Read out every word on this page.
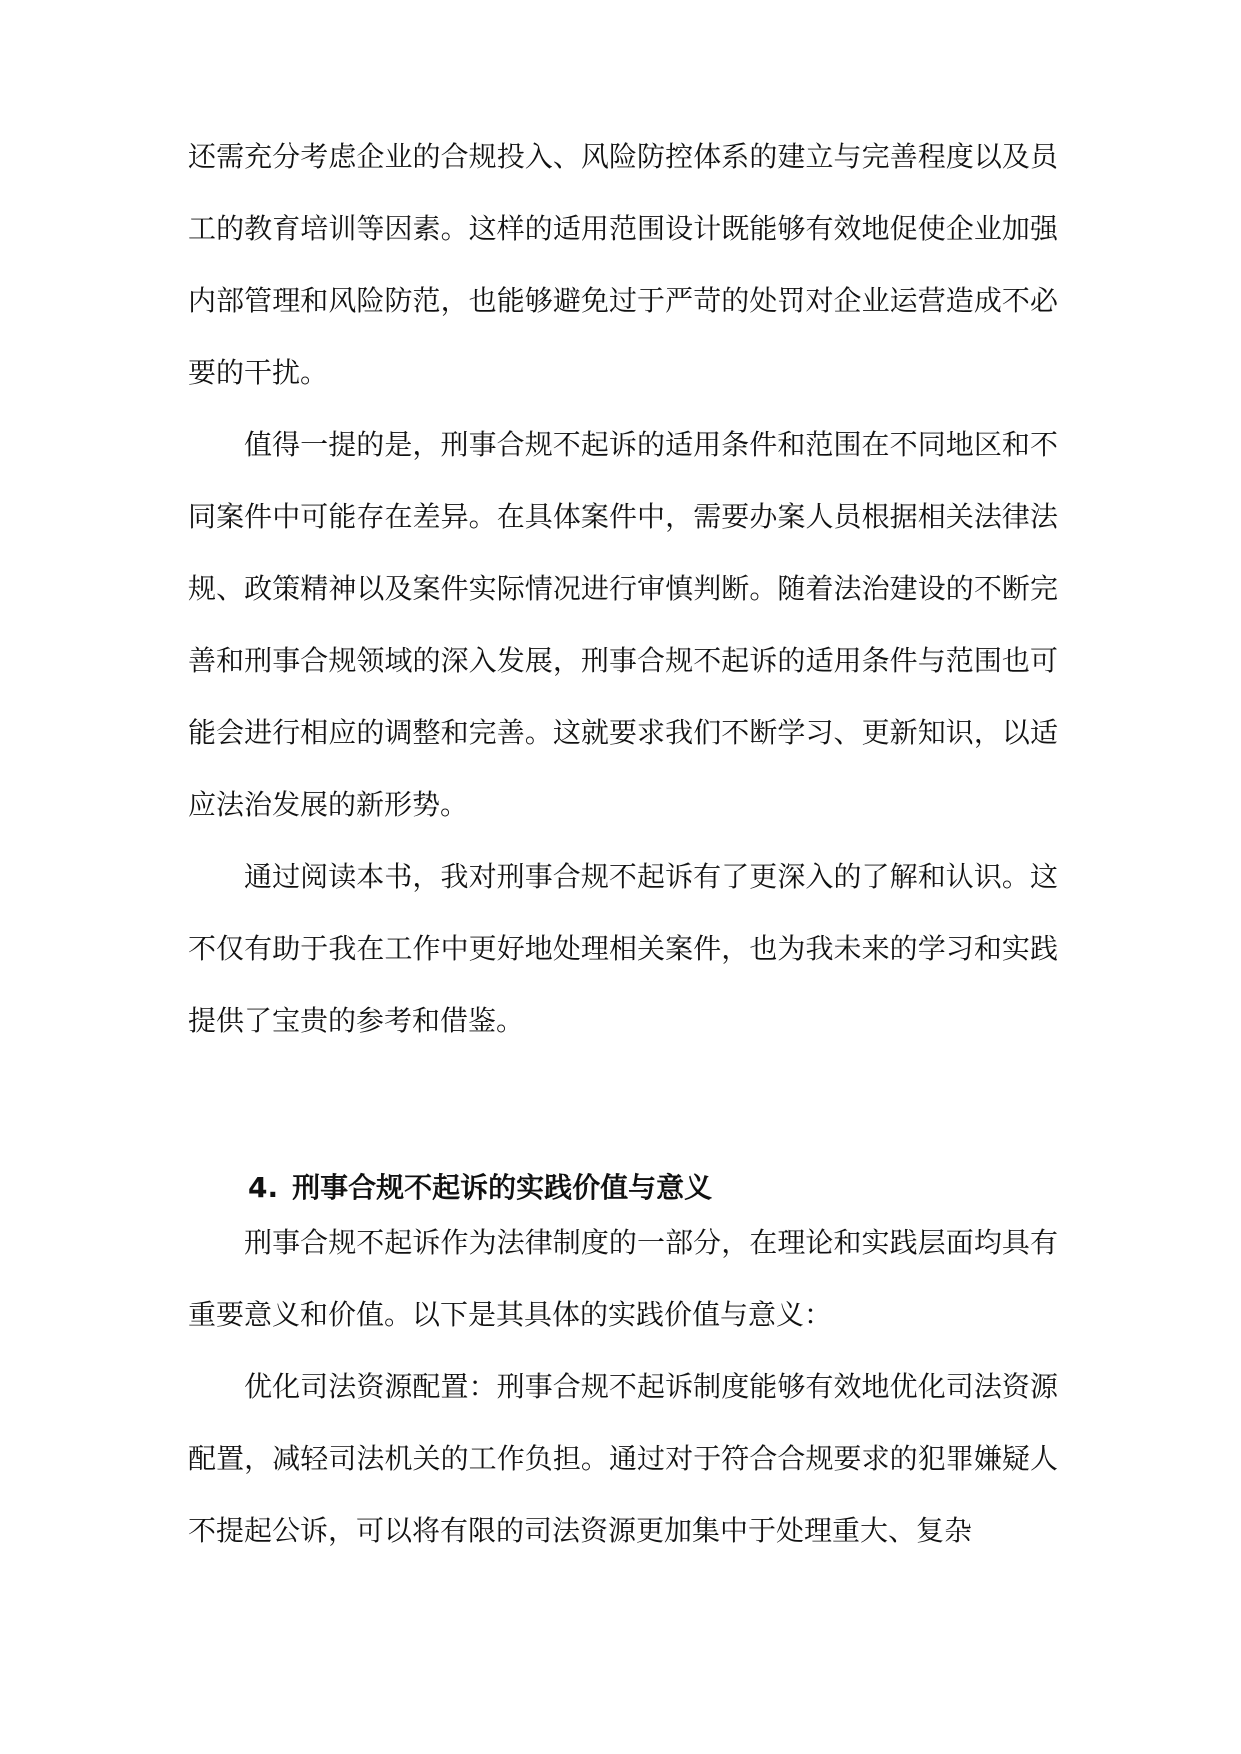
还需充分考虑企业的合规投入、风险防控体系的建立与完善程度以及员工的教育培训等因素。这样的适用范围设计既能够有效地促使企业加强内部管理和风险防范，也能够避免过于严苛的处罚对企业运营造成不必要的干扰。

值得一提的是，刑事合规不起诉的适用条件和范围在不同地区和不同案件中可能存在差异。在具体案件中，需要办案人员根据相关法律法规、政策精神以及案件实际情况进行审慎判断。随着法治建设的不断完善和刑事合规领域的深入发展，刑事合规不起诉的适用条件与范围也可能会进行相应的调整和完善。这就要求我们不断学习、更新知识，以适应法治发展的新形势。

通过阅读本书，我对刑事合规不起诉有了更深入的了解和认识。这不仅有助于我在工作中更好地处理相关案件，也为我未来的学习和实践提供了宝贵的参考和借鉴。

4. 刑事合规不起诉的实践价值与意义

刑事合规不起诉作为法律制度的一部分，在理论和实践层面均具有重要意义和价值。以下是其具体的实践价值与意义：

优化司法资源配置：刑事合规不起诉制度能够有效地优化司法资源配置，减轻司法机关的工作负担。通过对于符合合规要求的犯罪嫌疑人不提起公诉，可以将有限的司法资源更加集中于处理重大、复杂
